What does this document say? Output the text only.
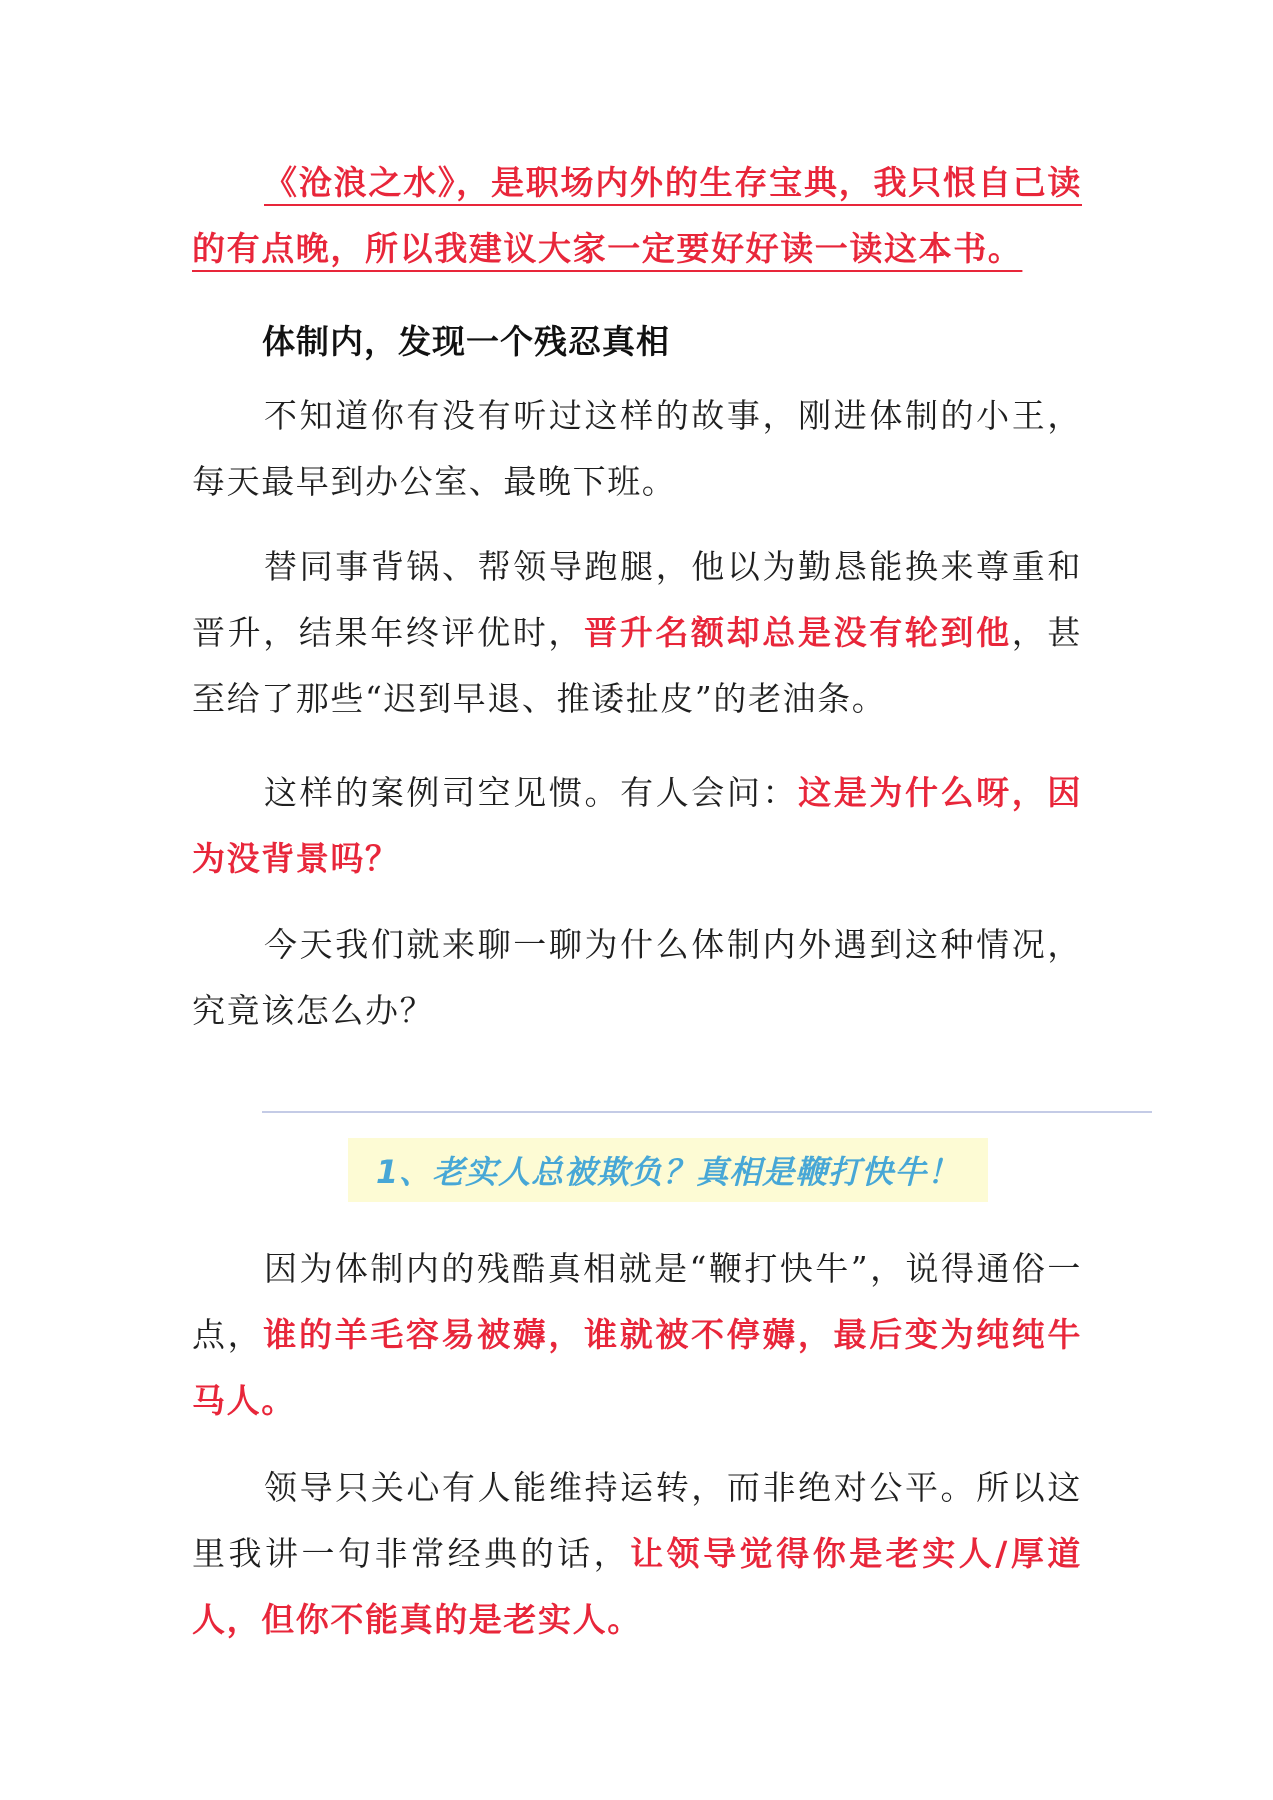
《沧浪之水》，是职场内外的生存宝典，我只恨自己读的有点晚，所以我建议大家一定要好好读一读这本书。

体制内，发现一个残忍真相

不知道你有没有听过这样的故事，刚进体制的小王，每天最早到办公室、最晚下班。

替同事背锅、帮领导跑腿，他以为勤恳能换来尊重和晋升，结果年终评优时，晋升名额却总是没有轮到他，甚至给了那些“迟到早退、推诿扯皮”的老油条。

这样的案例司空见惯。有人会问：这是为什么呀，因为没背景吗？

今天我们就来聊一聊为什么体制内外遇到这种情况，究竟该怎么办？

1、老实人总被欺负？真相是鞭打快牛！

因为体制内的残酷真相就是“鞭打快牛”，说得通俗一点，谁的羊毛容易被薅，谁就被不停薅，最后变为纯纯牛马人。

领导只关心有人能维持运转，而非绝对公平。所以这里我讲一句非常经典的话，让领导觉得你是老实人/厚道人，但你不能真的是老实人。
